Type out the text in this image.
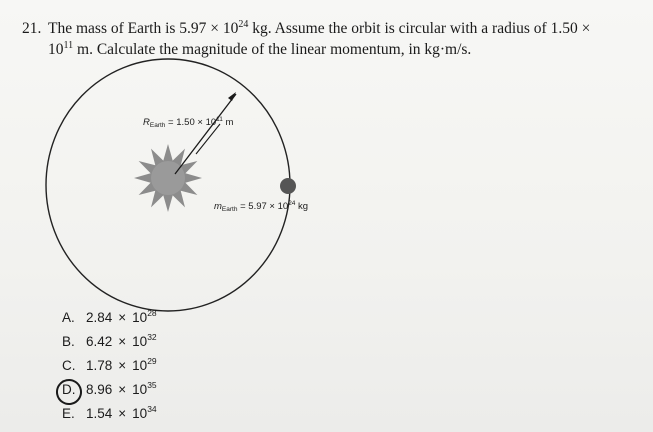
21. The mass of Earth is $5.97 \times 10^{24}$ kg. Assume the orbit is circular with a radius of 1.50 ×
$10^{11}$ m. Calculate the magnitude of the linear momentum, in kg·m/s.
$R_{Earth} = 1.50 \times 10^{11}$ m
$m_{Earth} = 5.97 \times 10^{24}$ kg
A. $2.84 \times 10^{28}$
B. $6.42 \times 10^{32}$
C. $1.78 \times 10^{29}$
D. $8.96 \times 10^{35}$
E. $1.54 \times 10^{34}$
